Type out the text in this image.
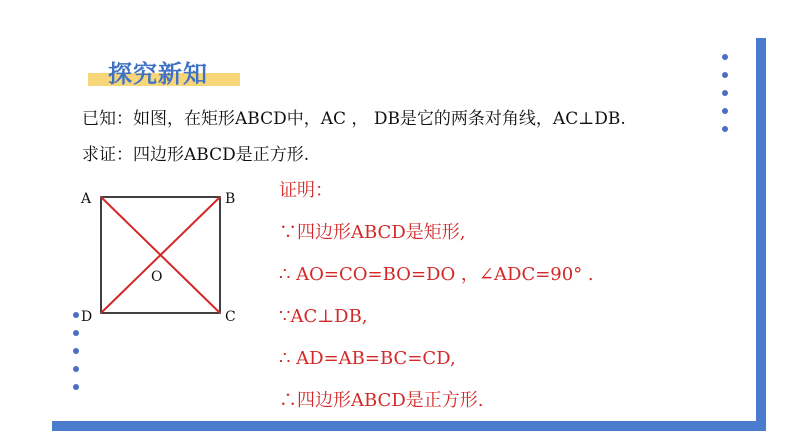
探究新知
已知：如图，在矩形ABCD中，AC ， DB是它的两条对角线，AC⊥DB.
求证：四边形ABCD是正方形.
A	B
C
D
O
证明：
∵四边形ABCD是矩形,
∴ AO=CO=BO=DO ，∠ADC=90° .
∵AC⊥DB,
∴ AD=AB=BC=CD,
∴四边形ABCD是正方形.
